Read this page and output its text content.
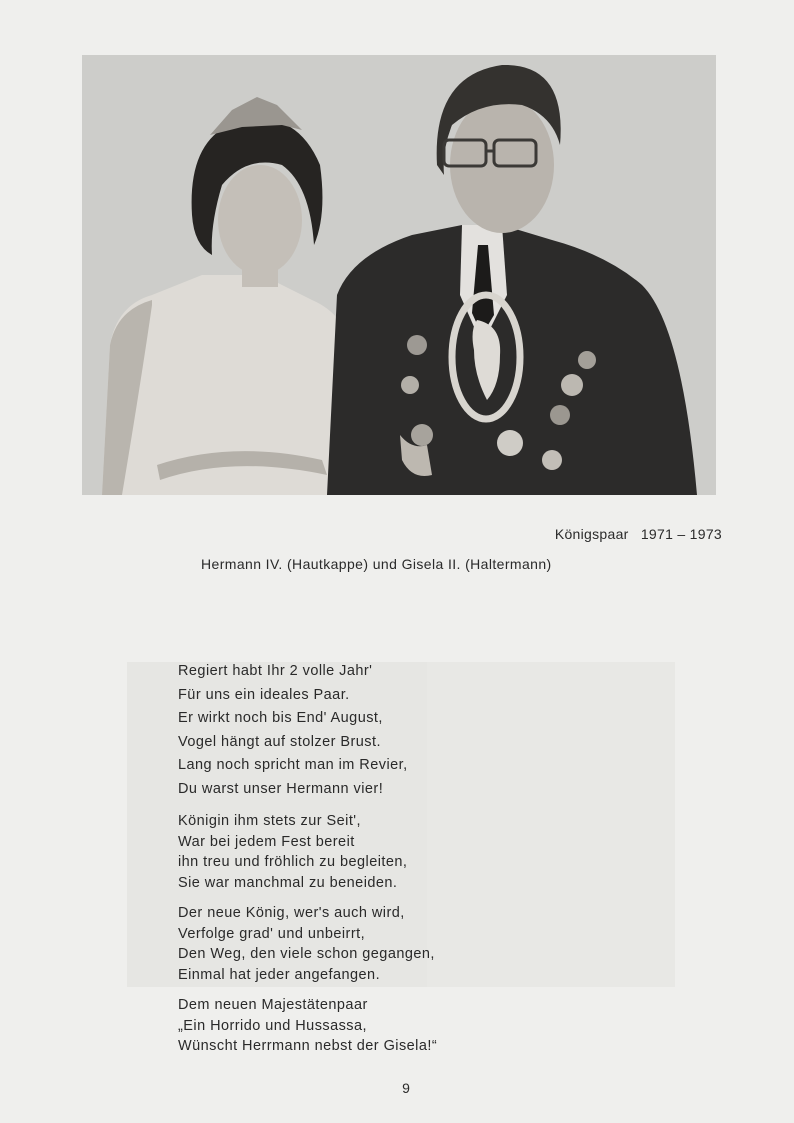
Königspaar 1971 – 1973
Hermann IV. (Hautkappe) und Gisela II. (Haltermann)
Regiert habt Ihr 2 volle Jahr'
Für uns ein ideales Paar.
Er wirkt noch bis End' August,
Vogel hängt auf stolzer Brust.
Lang noch spricht man im Revier,
Du warst unser Hermann vier!
Königin ihm stets zur Seit',
War bei jedem Fest bereit
ihn treu und fröhlich zu begleiten,
Sie war manchmal zu beneiden.
Der neue König, wer's auch wird,
Verfolge grad' und unbeirrt,
Den Weg, den viele schon gegangen,
Einmal hat jeder angefangen.
Dem neuen Majestätenpaar
„Ein Horrido und Hussassa,
Wünscht Herrmann nebst der Gisela!“
9
